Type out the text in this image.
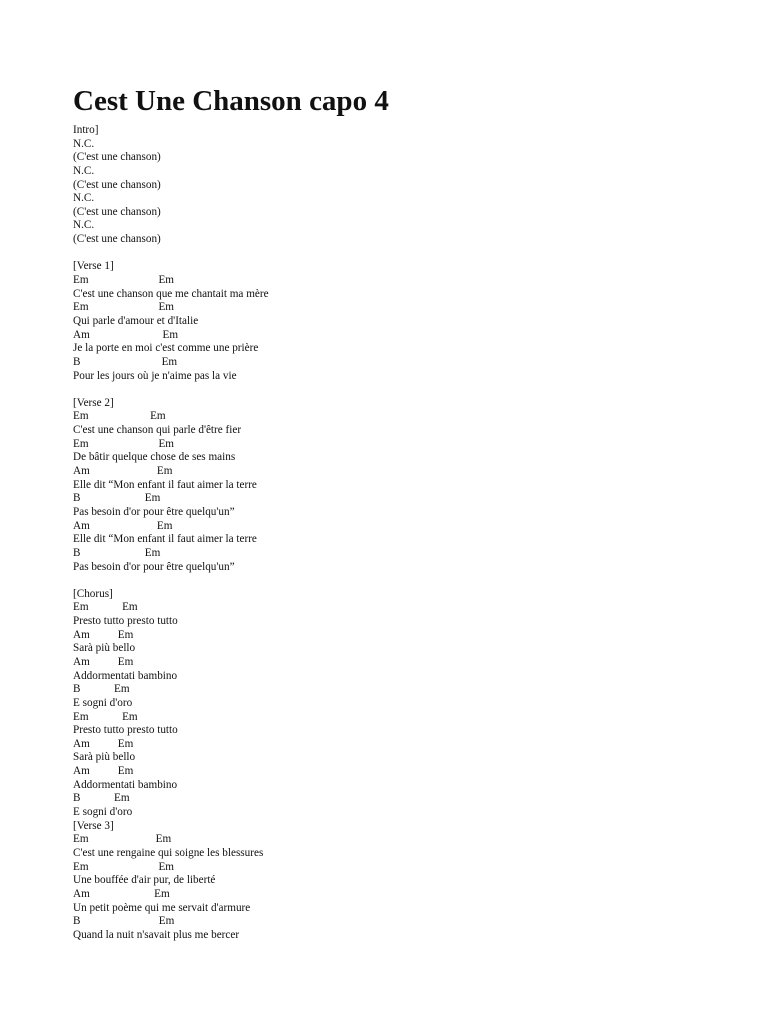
Cest Une Chanson capo 4
Intro]
N.C.
(C'est une chanson)
N.C.
(C'est une chanson)
N.C.
(C'est une chanson)
N.C.
(C'est une chanson)
[Verse 1]
Em                         Em
C'est une chanson que me chantait ma mère
Em                         Em
Qui parle d'amour et d'Italie
Am                          Em
Je la porte en moi c'est comme une prière
B                             Em
Pour les jours où je n'aime pas la vie
[Verse 2]
Em                      Em
C'est une chanson qui parle d'être fier
Em                         Em
De bâtir quelque chose de ses mains
Am                        Em
Elle dit “Mon enfant il faut aimer la terre
B                       Em
Pas besoin d'or pour être quelqu'un”
Am                        Em
Elle dit “Mon enfant il faut aimer la terre
B                       Em
Pas besoin d'or pour être quelqu'un”
[Chorus]
Em            Em
Presto tutto presto tutto
Am          Em
Sarà più bello
Am          Em
Addormentati bambino
B            Em
E sogni d'oro
Em            Em
Presto tutto presto tutto
Am          Em
Sarà più bello
Am          Em
Addormentati bambino
B            Em
E sogni d'oro
[Verse 3]
Em                        Em
C'est une rengaine qui soigne les blessures
Em                         Em
Une bouffée d'air pur, de liberté
Am                       Em
Un petit poème qui me servait d'armure
B                            Em
Quand la nuit n'savait plus me bercer
